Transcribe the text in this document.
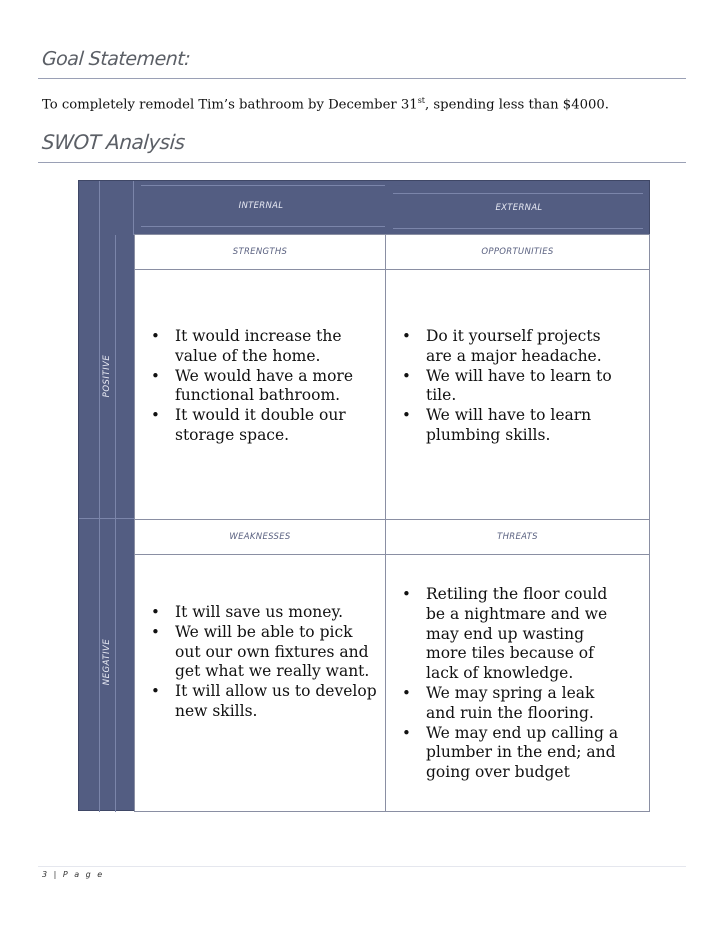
Goal Statement:
To completely remodel Tim’s bathroom by December 31st, spending less than $4000.
SWOT Analysis
INTERNAL	EXTERNAL
POSITIVE
NEGATIVE
STRENGTHS
• It would increase the value of the home.
• We would have a more functional bathroom.
• It would it double our storage space.
OPPORTUNITIES
• Do it yourself projects are a major headache.
• We will have to learn to tile.
• We will have to learn plumbing skills.
WEAKNESSES
• It will save us money.
• We will be able to pick out our own fixtures and get what we really want.
• It will allow us to develop new skills.
THREATS
• Retiling the floor could be a nightmare and we may end up wasting more tiles because of lack of knowledge.
• We may spring a leak and ruin the flooring.
• We may end up calling a plumber in the end; and going over budget
3 | P a g e
